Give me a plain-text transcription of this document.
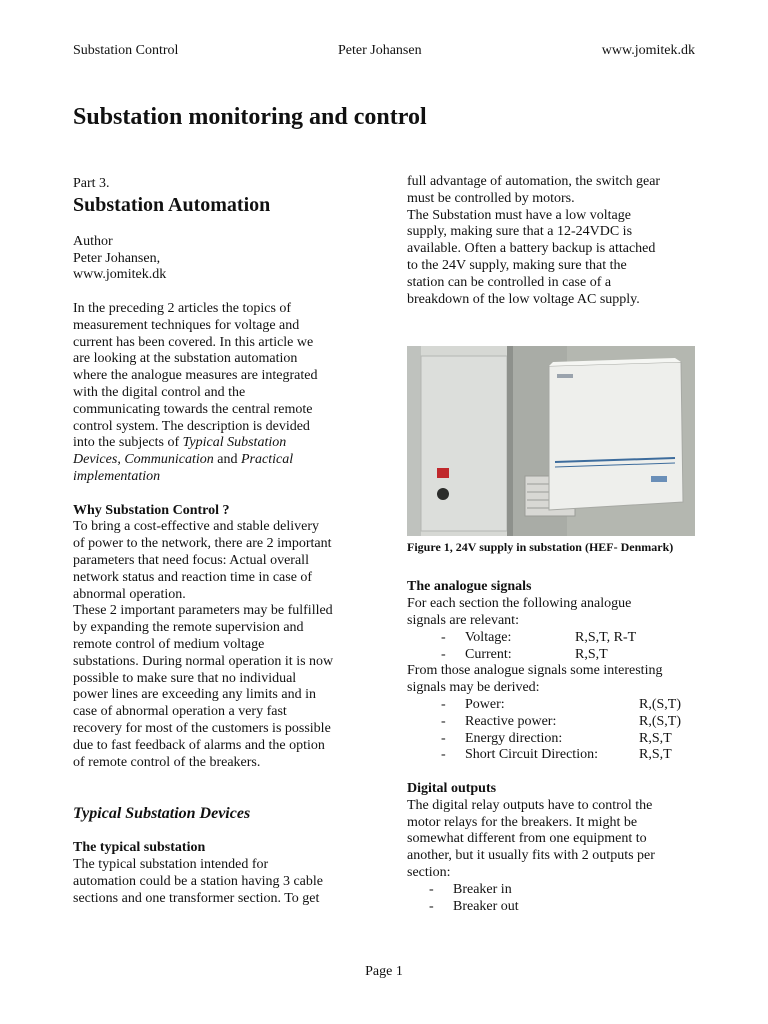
Substation Control	Peter Johansen	www.jomitek.dk
Substation monitoring and control

Part 3.

Substation Automation

Author

Peter Johansen,

www.jomitek.dk

In the preceding 2 articles the topics of

measurement techniques for voltage and

current has been covered. In this article we

are looking at the substation automation

where the analogue measures are integrated

with the digital control and the

communicating towards the central remote

control system. The description is devided

into the subjects of Typical Substation

Devices, Communication and Practical

implementation

Why Substation Control ?

To bring a cost-effective and stable delivery

of power to the network, there are 2 important

parameters that need focus: Actual overall

network status and reaction time in case of

abnormal operation.

These 2 important parameters may be fulfilled

by expanding the remote supervision and

remote control of medium voltage

substations. During normal operation it is now

possible to make sure that no individual

power lines are exceeding any limits and in

case of abnormal operation a very fast

recovery for most of the customers is possible

due to fast feedback of alarms and the option

of remote control of the breakers.

Typical Substation Devices

The typical substation

The typical substation intended for

automation could be a station having 3 cable

sections and one transformer section. To get

full advantage of automation, the switch gear

must be controlled by motors.

The Substation must have a low voltage

supply, making sure that a 12-24VDC is

available. Often a battery backup is attached

to the 24V supply, making sure that the

station can be controlled in case of a

breakdown of the low voltage AC supply.

Figure 1, 24V supply in substation (HEF- Denmark)

The analogue signals

For each section the following analogue

signals are relevant:

- Voltage:	R,S,T, R-T
- Current:	R,S,T

From those analogue signals some interesting

signals may be derived:

- Power:	R,(S,T)
- Reactive power:	R,(S,T)
- Energy direction:	R,S,T
- Short Circuit Direction:	R,S,T

Digital outputs

The digital relay outputs have to control the

motor relays for the breakers. It might be

somewhat different from one equipment to

another, but it usually fits with 2 outputs per

section:

- Breaker in
- Breaker out
Page 1
